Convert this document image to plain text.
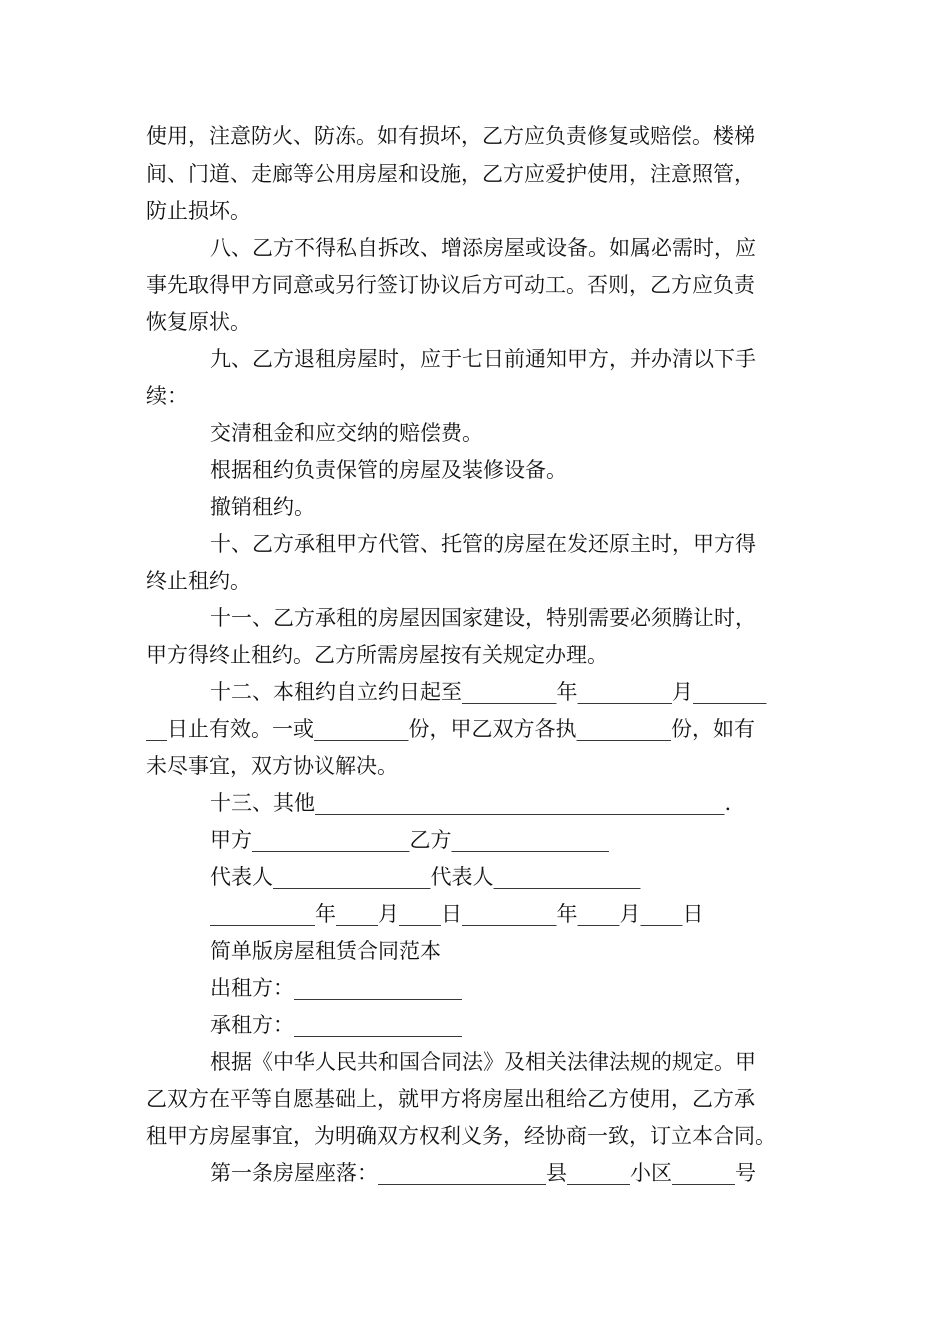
使用，注意防火、防冻。如有损坏，乙方应负责修复或赔偿。楼梯
间、门道、走廊等公用房屋和设施，乙方应爱护使用，注意照管，
防止损坏。
八、乙方不得私自拆改、增添房屋或设备。如属必需时，应
事先取得甲方同意或另行签订协议后方可动工。否则，乙方应负责
恢复原状。
九、乙方退租房屋时，应于七日前通知甲方，并办清以下手
续：
交清租金和应交纳的赔偿费。
根据租约负责保管的房屋及装修设备。
撤销租约。
十、乙方承租甲方代管、托管的房屋在发还原主时，甲方得
终止租约。
十一、乙方承租的房屋因国家建设，特别需要必须腾让时，
甲方得终止租约。乙方所需房屋按有关规定办理。
十二、本租约自立约日起至_________年_________月_______
__日止有效。一或_________份，甲乙双方各执_________份，如有
未尽事宜，双方协议解决。
十三、其他_______________________________________.
甲方_______________乙方_______________
代表人_______________代表人______________
__________年____月____日_________年____月____日
简单版房屋租赁合同范本
出租方：________________
承租方：________________
根据《中华人民共和国合同法》及相关法律法规的规定。甲
乙双方在平等自愿基础上，就甲方将房屋出租给乙方使用，乙方承
租甲方房屋事宜，为明确双方权利义务，经协商一致，订立本合同。
第一条房屋座落：________________县______小区______号
